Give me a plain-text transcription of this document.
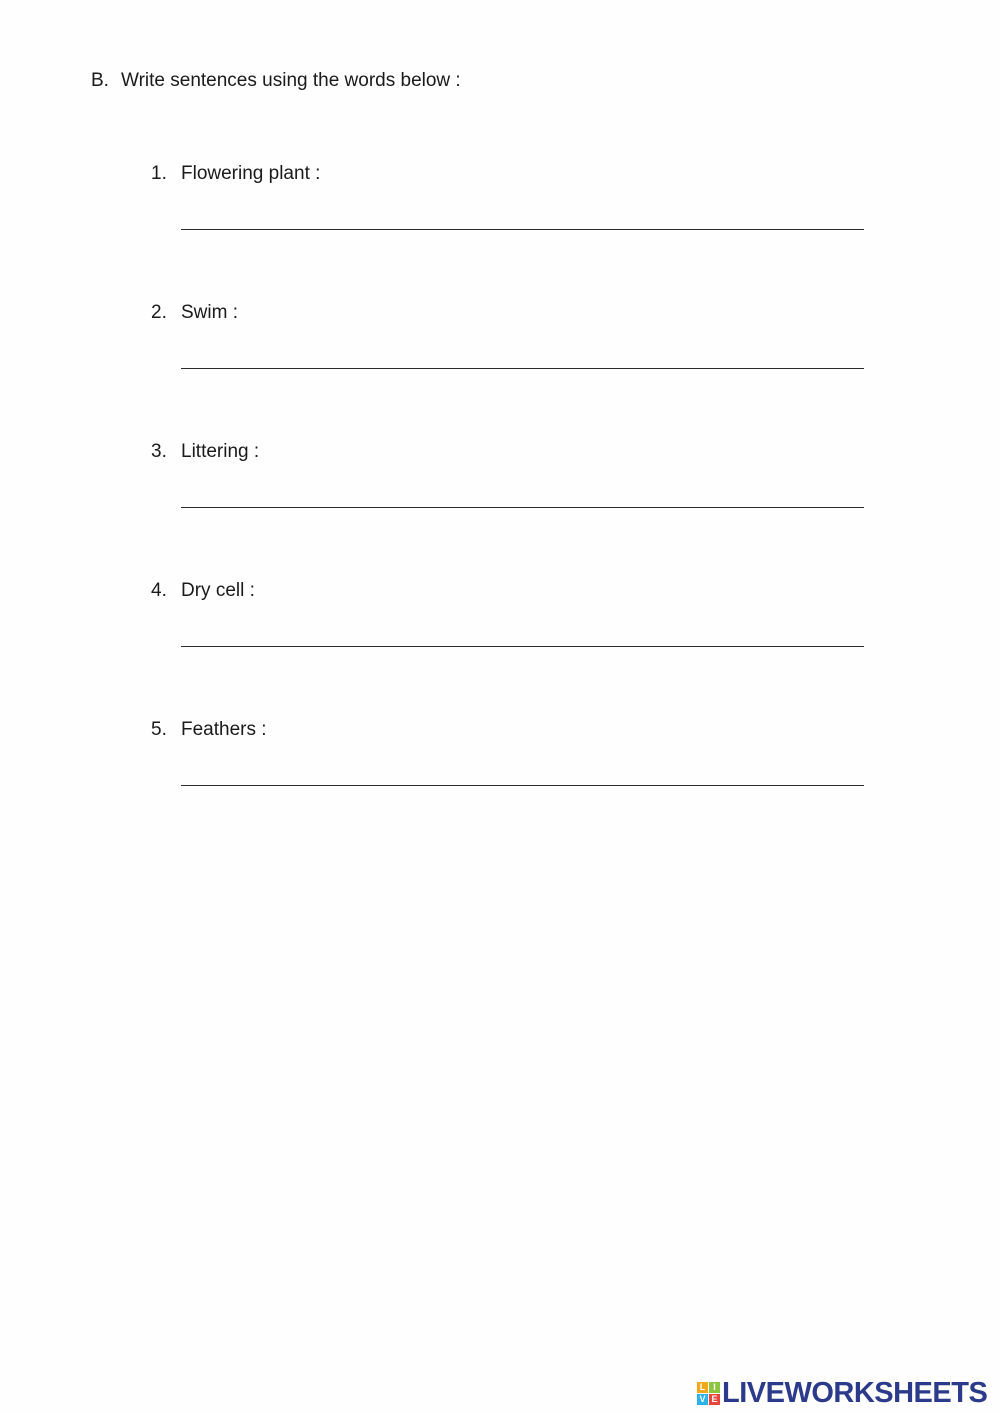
B. Write sentences using the words below :
1. Flowering plant :
2. Swim :
3. Littering :
4. Dry cell :
5. Feathers :
L I
V E LIVEWORKSHEETS
